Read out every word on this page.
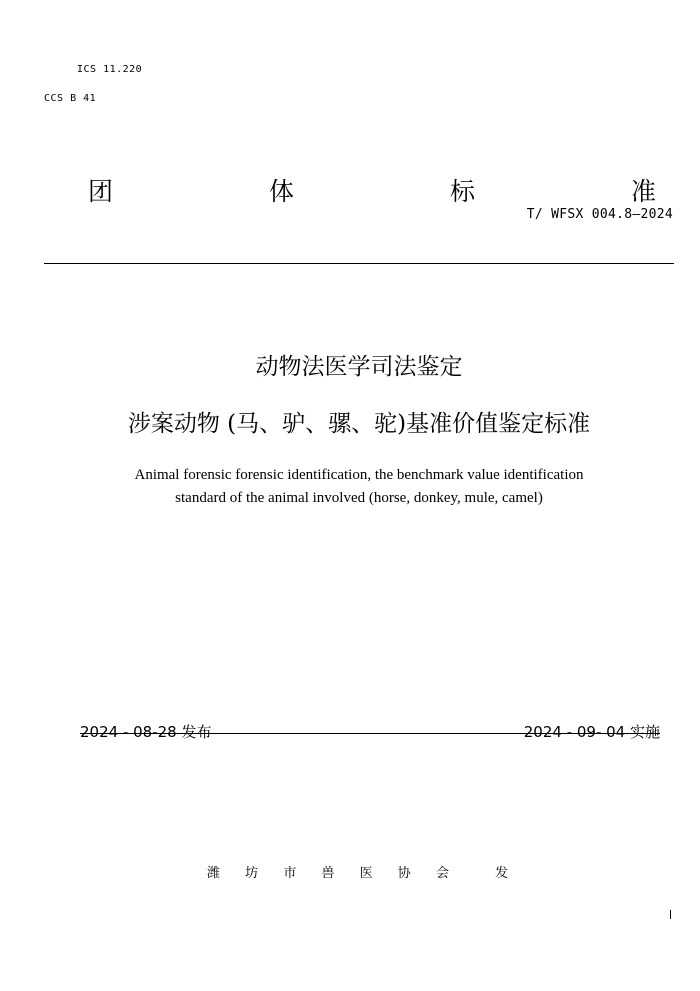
ICS 11.220
CCS B 41
团	体	标	准
T/ WFSX 004.8—2024
动物法医学司法鉴定
涉案动物 (马、驴、骡、驼)基准价值鉴定标准
Animal forensic forensic identification, the benchmark value identification
standard of the animal involved (horse, donkey, mule, camel)
2024 - 08-28 发布	2024 - 09- 04 实施
潍 坊 市 兽 医 协 会	发
